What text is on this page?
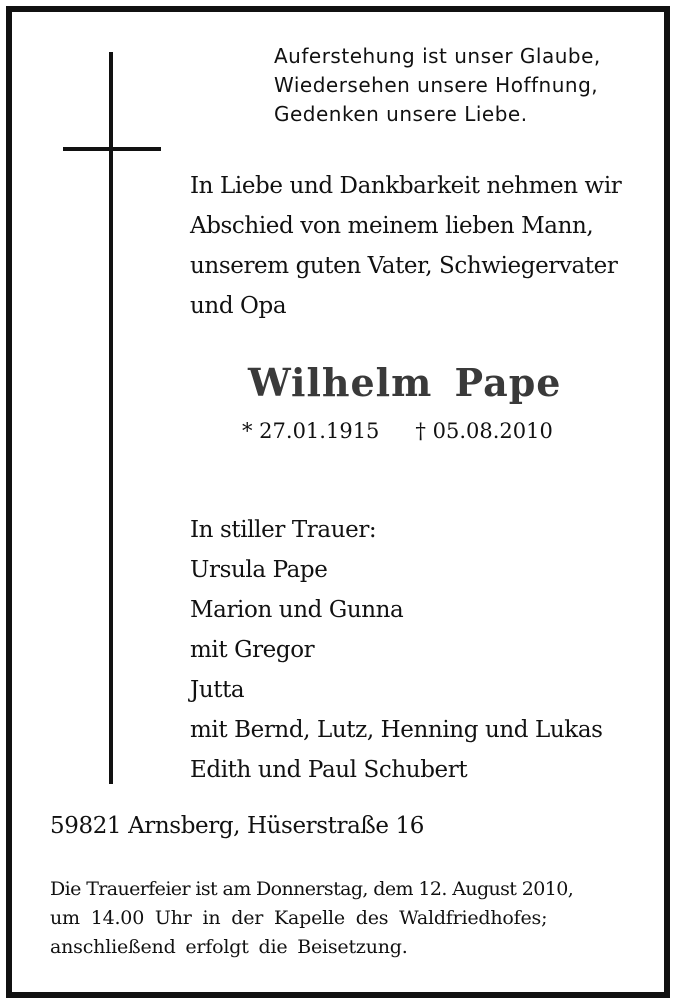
Auferstehung ist unser Glaube,
Wiedersehen unsere Hoffnung,
Gedenken unsere Liebe.
In Liebe und Dankbarkeit nehmen wir
Abschied von meinem lieben Mann,
unserem guten Vater, Schwiegervater
und Opa
Wilhelm Pape
* 27.01.1915 † 05.08.2010
In stiller Trauer:
Ursula Pape
Marion und Gunna
mit Gregor
Jutta
mit Bernd, Lutz, Henning und Lukas
Edith und Paul Schubert
59821 Arnsberg, Hüserstraße 16
Die Trauerfeier ist am Donnerstag, dem 12. August 2010,
um 14.00 Uhr in der Kapelle des Waldfriedhofes;
anschließend erfolgt die Beisetzung.
